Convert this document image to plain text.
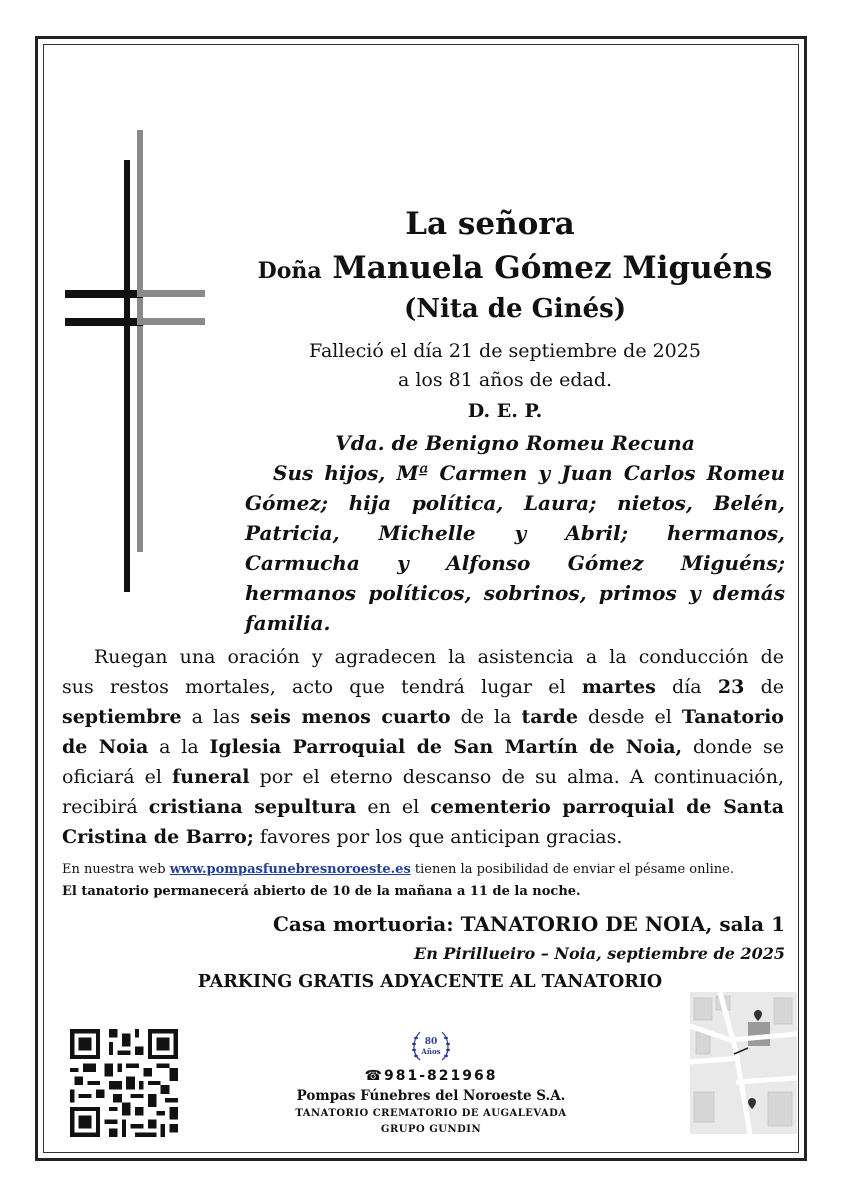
La señora
Doña Manuela Gómez Miguéns
(Nita de Ginés)
Falleció el día 21 de septiembre de 2025
a los 81 años de edad.
D. E. P.
Vda. de Benigno Romeu Recuna
Sus hijos, Mª Carmen y Juan Carlos Romeu
Gómez; hija política, Laura; nietos, Belén,
Patricia, Michelle y Abril; hermanos,
Carmucha y Alfonso Gómez Miguéns;
hermanos políticos, sobrinos, primos y demás
familia.
Ruegan una oración y agradecen la asistencia a la conducción de
sus restos mortales, acto que tendrá lugar el martes día 23 de
septiembre a las seis menos cuarto de la tarde desde el Tanatorio
de Noia a la Iglesia Parroquial de San Martín de Noia, donde se
oficiará el funeral por el eterno descanso de su alma. A continuación,
recibirá cristiana sepultura en el cementerio parroquial de Santa
Cristina de Barro; favores por los que anticipan gracias.
En nuestra web www.pompasfunebresnoroeste.es tienen la posibilidad de enviar el pésame online.
El tanatorio permanecerá abierto de 10 de la mañana a 11 de la noche.
Casa mortuoria: TANATORIO DE NOIA, sala 1
En Pirillueiro – Noia, septiembre de 2025
PARKING GRATIS ADYACENTE AL TANATORIO
80
Años
☎981-821968
Pompas Fúnebres del Noroeste S.A.
TANATORIO CREMATORIO DE AUGALEVADA
GRUPO GUNDIN
